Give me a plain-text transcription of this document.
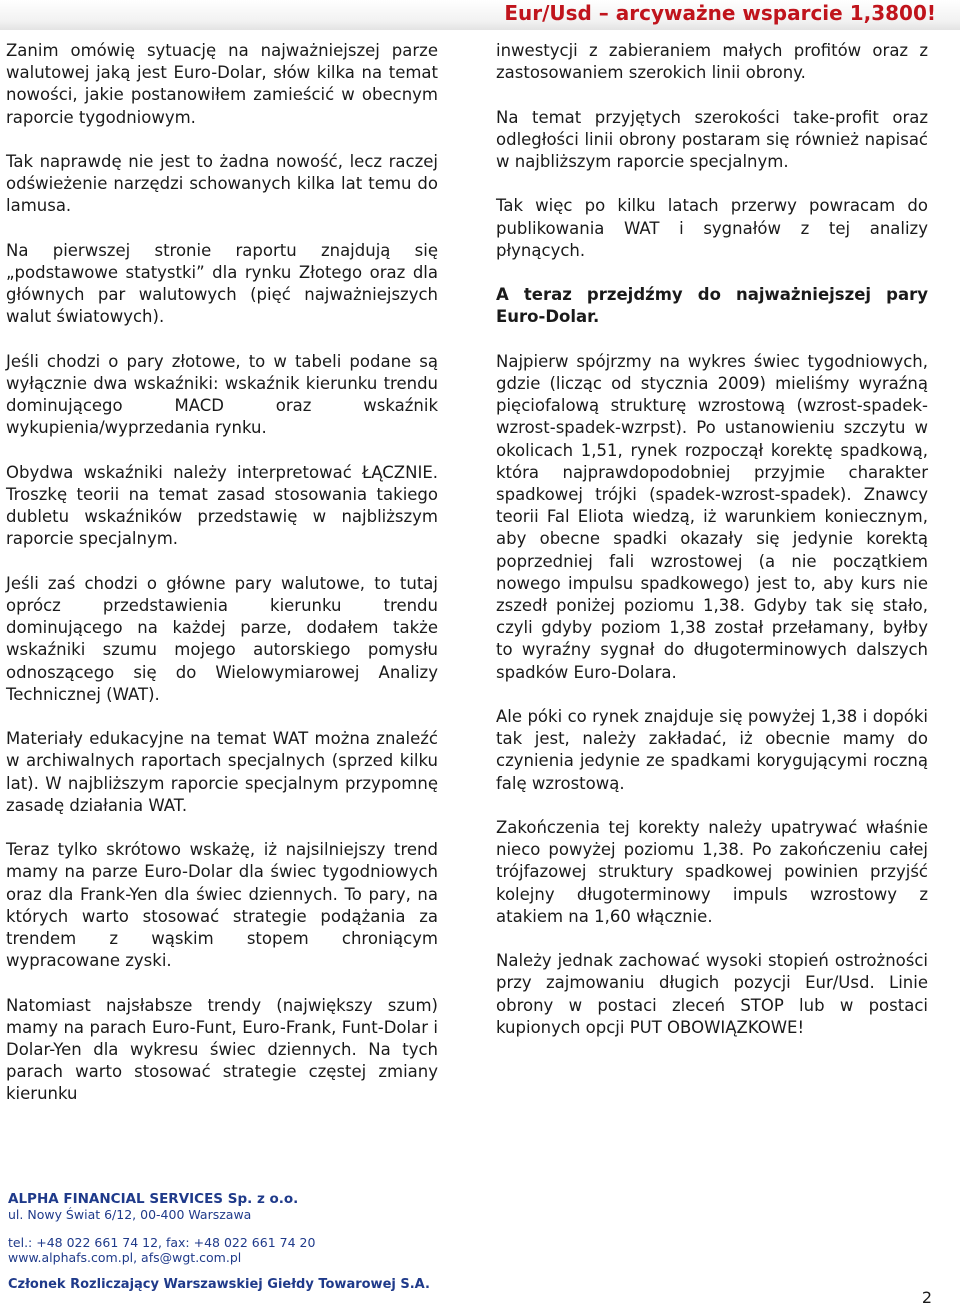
Eur/Usd – arcyważne wsparcie 1,3800!

Zanim omówię sytuację na najważniejszej parze walutowej jaką jest Euro-Dolar, słów kilka na temat nowości, jakie postanowiłem zamieścić w obecnym raporcie tygodniowym.

Tak naprawdę nie jest to żadna nowość, lecz raczej odświeżenie narzędzi schowanych kilka lat temu do lamusa.

Na pierwszej stronie raportu znajdują się „podstawowe statystki” dla rynku Złotego oraz dla głównych par walutowych (pięć najważniejszych walut światowych).

Jeśli chodzi o pary złotowe, to w tabeli podane są wyłącznie dwa wskaźniki: wskaźnik kierunku trendu dominującego MACD oraz wskaźnik wykupienia/wyprzedania rynku.

Obydwa wskaźniki należy interpretować ŁĄCZNIE. Troszkę teorii na temat zasad stosowania takiego dubletu wskaźników przedstawię w najbliższym raporcie specjalnym.

Jeśli zaś chodzi o główne pary walutowe, to tutaj oprócz przedstawienia kierunku trendu dominującego na każdej parze, dodałem także wskaźniki szumu mojego autorskiego pomysłu odnoszącego się do Wielowymiarowej Analizy Technicznej (WAT).

Materiały edukacyjne na temat WAT można znaleźć w archiwalnych raportach specjalnych (sprzed kilku lat). W najbliższym raporcie specjalnym przypomnę zasadę działania WAT.

Teraz tylko skrótowo wskażę, iż najsilniejszy trend mamy na parze Euro-Dolar dla świec tygodniowych oraz dla Frank-Yen dla świec dziennych. To pary, na których warto stosować strategie podążania za trendem z wąskim stopem chroniącym wypracowane zyski.

Natomiast najsłabsze trendy (największy szum) mamy na parach Euro-Funt, Euro-Frank, Funt-Dolar i Dolar-Yen dla wykresu świec dziennych. Na tych parach warto stosować strategie częstej zmiany kierunku

inwestycji z zabieraniem małych profitów oraz z zastosowaniem szerokich linii obrony.

Na temat przyjętych szerokości take-profit oraz odległości linii obrony postaram się również napisać w najbliższym raporcie specjalnym.

Tak więc po kilku latach przerwy powracam do publikowania WAT i sygnałów z tej analizy płynących.

A teraz przejdźmy do najważniejszej pary Euro-Dolar.

Najpierw spójrzmy na wykres świec tygodniowych, gdzie (licząc od stycznia 2009) mieliśmy wyraźną pięciofalową strukturę wzrostową (wzrost-spadek-wzrost-spadek-wzrpst). Po ustanowieniu szczytu w okolicach 1,51, rynek rozpoczął korektę spadkową, która najprawdopodobniej przyjmie charakter spadkowej trójki (spadek-wzrost-spadek). Znawcy teorii Fal Eliota wiedzą, iż warunkiem koniecznym, aby obecne spadki okazały się jedynie korektą poprzedniej fali wzrostowej (a nie początkiem nowego impulsu spadkowego) jest to, aby kurs nie zszedł poniżej poziomu 1,38. Gdyby tak się stało, czyli gdyby poziom 1,38 został przełamany, byłby to wyraźny sygnał do długoterminowych dalszych spadków Euro-Dolara.

Ale póki co rynek znajduje się powyżej 1,38 i dopóki tak jest, należy zakładać, iż obecnie mamy do czynienia jedynie ze spadkami korygującymi roczną falę wzrostową.

Zakończenia tej korekty należy upatrywać właśnie nieco powyżej poziomu 1,38. Po zakończeniu całej trójfazowej struktury spadkowej powinien przyjść kolejny długoterminowy impuls wzrostowy z atakiem na 1,60 włącznie.

Należy jednak zachować wysoki stopień ostrożności przy zajmowaniu długich pozycji Eur/Usd. Linie obrony w postaci zleceń STOP lub w postaci kupionych opcji PUT OBOWIĄZKOWE!

ALPHA FINANCIAL SERVICES Sp. z o.o.
ul. Nowy Świat 6/12, 00-400 Warszawa
tel.: +48 022 661 74 12, fax: +48 022 661 74 20
www.alphafs.com.pl, afs@wgt.com.pl
Członek Rozliczający Warszawskiej Giełdy Towarowej S.A.
2
